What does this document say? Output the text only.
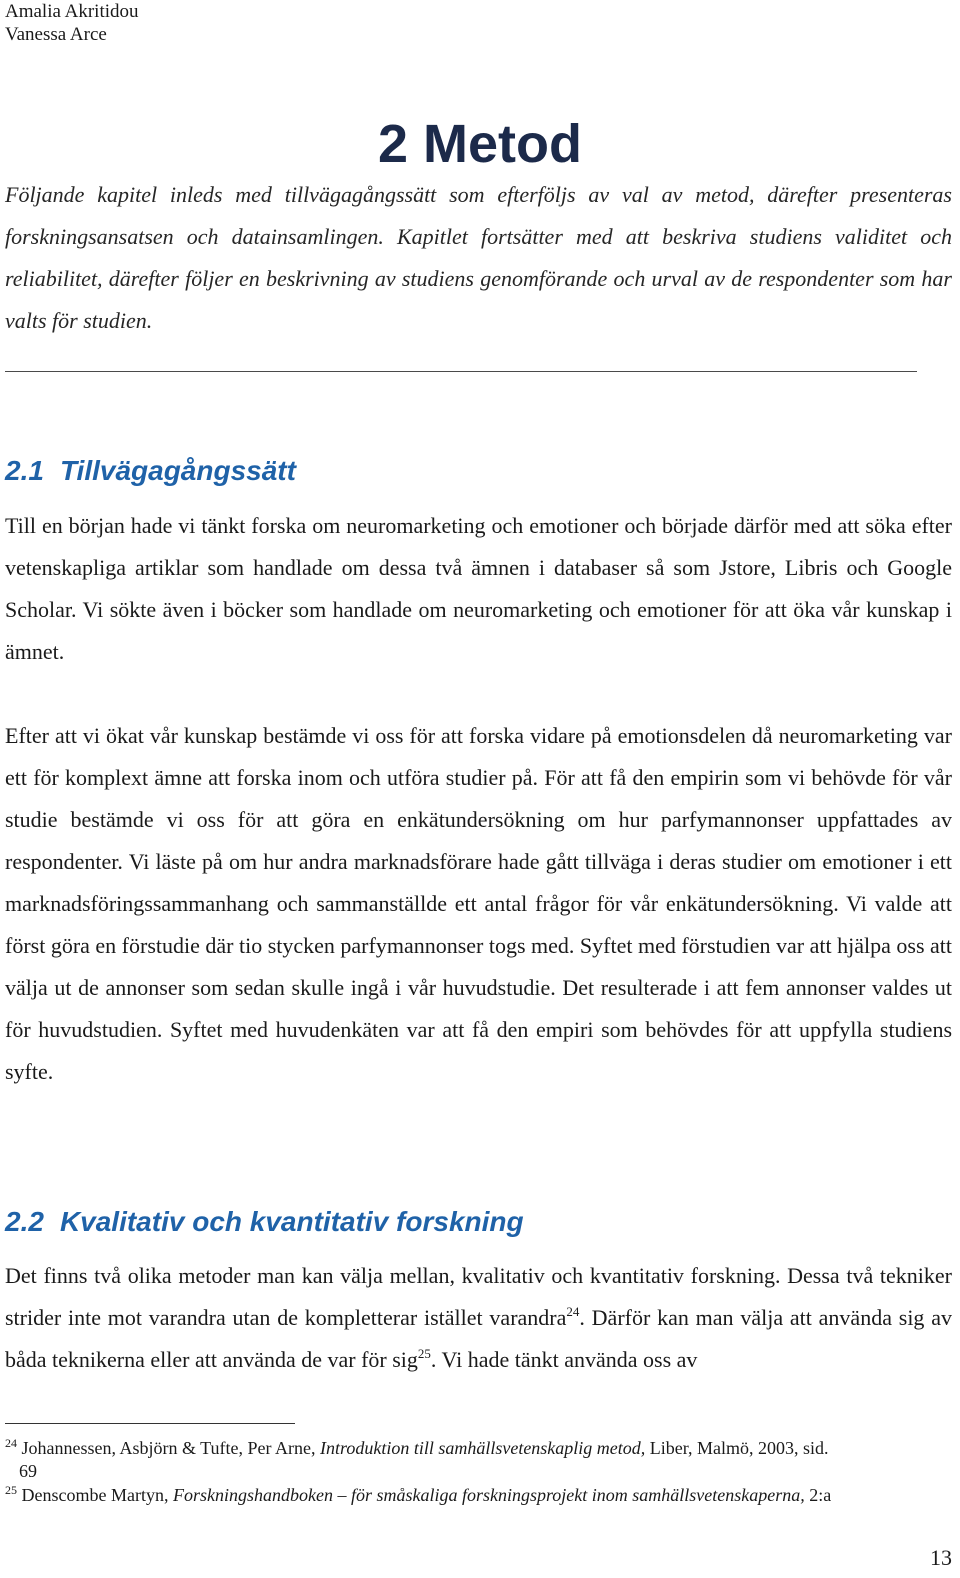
Amalia Akritidou
Vanessa Arce
2 Metod

Följande kapitel inleds med tillvägagångssätt som efterföljs av val av metod, därefter presenteras forskningsansatsen och datainsamlingen. Kapitlet fortsätter med att beskriva studiens validitet och reliabilitet, därefter följer en beskrivning av studiens genomförande och urval av de respondenter som har valts för studien.

2.1 Tillvägagångssätt

Till en början hade vi tänkt forska om neuromarketing och emotioner och började därför med att söka efter vetenskapliga artiklar som handlade om dessa två ämnen i databaser så som Jstore, Libris och Google Scholar. Vi sökte även i böcker som handlade om neuromarketing och emotioner för att öka vår kunskap i ämnet.

Efter att vi ökat vår kunskap bestämde vi oss för att forska vidare på emotionsdelen då neuromarketing var ett för komplext ämne att forska inom och utföra studier på. För att få den empirin som vi behövde för vår studie bestämde vi oss för att göra en enkätundersökning om hur parfymannonser uppfattades av respondenter. Vi läste på om hur andra marknadsförare hade gått tillväga i deras studier om emotioner i ett marknadsföringssammanhang och sammanställde ett antal frågor för vår enkätundersökning. Vi valde att först göra en förstudie där tio stycken parfymannonser togs med. Syftet med förstudien var att hjälpa oss att välja ut de annonser som sedan skulle ingå i vår huvudstudie. Det resulterade i att fem annonser valdes ut för huvudstudien. Syftet med huvudenkäten var att få den empiri som behövdes för att uppfylla studiens syfte.

2.2 Kvalitativ och kvantitativ forskning

Det finns två olika metoder man kan välja mellan, kvalitativ och kvantitativ forskning. Dessa två tekniker strider inte mot varandra utan de kompletterar istället varandra$^{24}$. Därför kan man välja att använda sig av båda teknikerna eller att använda de var för sig$^{25}$. Vi hade tänkt använda oss av

$^{24}$ Johannessen, Asbjörn & Tufte, Per Arne, Introduktion till samhällsvetenskaplig metod, Liber, Malmö, 2003, sid.

69

$^{25}$ Denscombe Martyn, Forskningshandboken – för småskaliga forskningsprojekt inom samhällsvetenskaperna, 2:a

13
